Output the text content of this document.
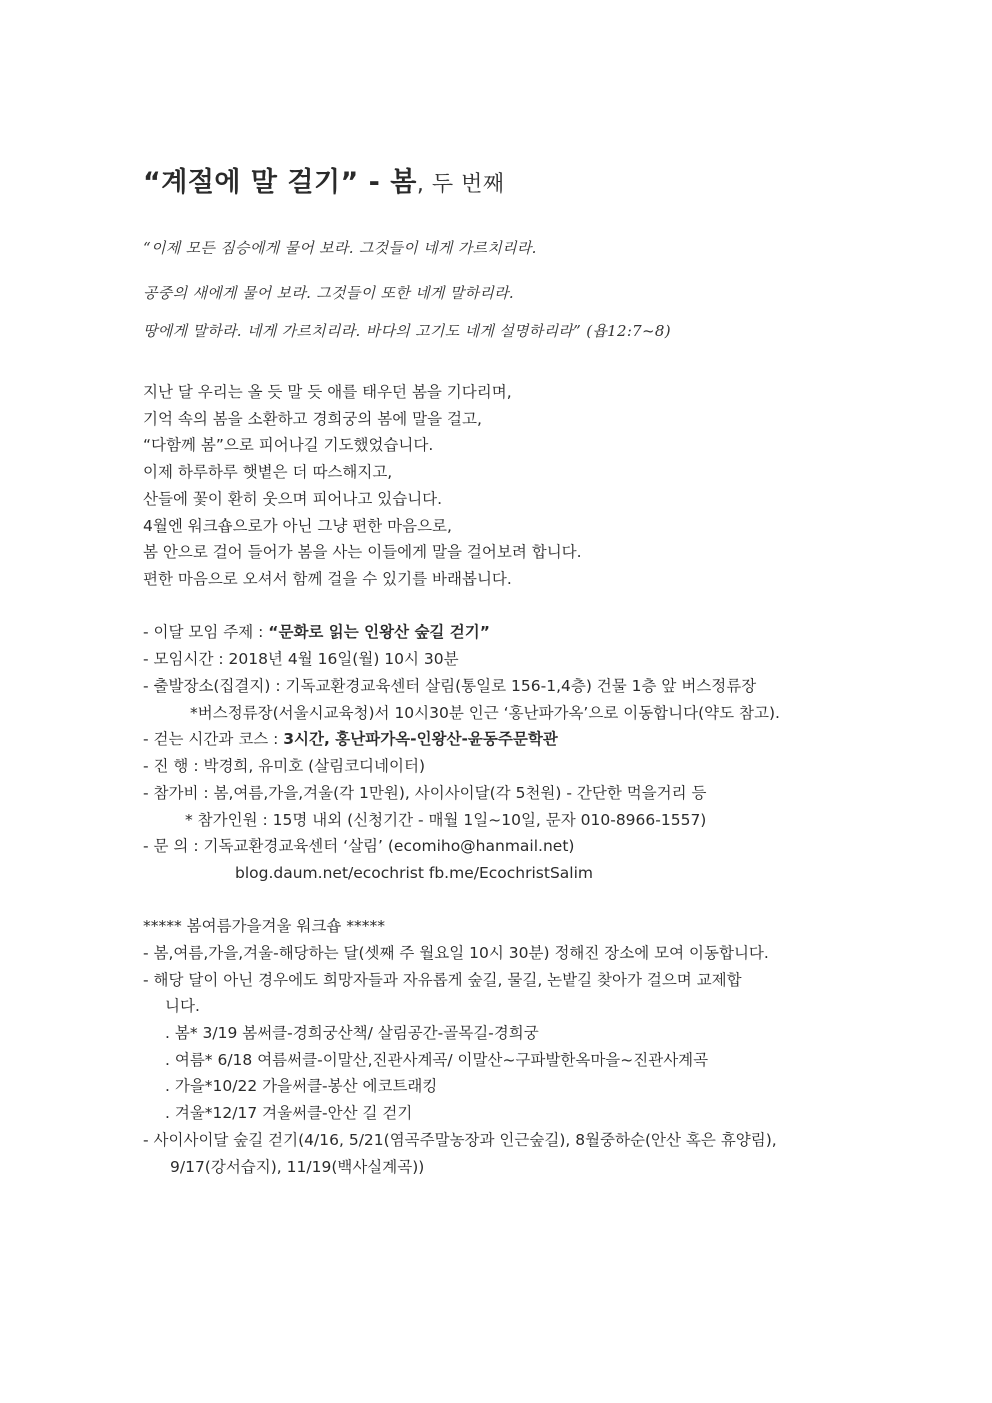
“계절에 말 걸기” - 봄, 두 번째
“이제 모든 짐승에게 물어 보라. 그것들이 네게 가르치리라.
공중의 새에게 물어 보라. 그것들이 또한 네게 말하리라.
땅에게 말하라. 네게 가르치리라. 바다의 고기도 네게 설명하리라” (욥12:7~8)
지난 달 우리는 올 듯 말 듯 애를 태우던 봄을 기다리며,
기억 속의 봄을 소환하고 경희궁의 봄에 말을 걸고,
“다함께 봄”으로 피어나길 기도했었습니다.
이제 하루하루 햇볕은 더 따스해지고,
산들에 꽃이 환히 웃으며 피어나고 있습니다.
4월엔 워크숍으로가 아닌 그냥 편한 마음으로,
봄 안으로 걸어 들어가 봄을 사는 이들에게 말을 걸어보려 합니다.
편한 마음으로 오셔서 함께 걸을 수 있기를 바래봅니다.
- 이달 모임 주제 : “문화로 읽는 인왕산 숲길 걷기”
- 모임시간 : 2018년 4월 16일(월) 10시 30분
- 출발장소(집결지) : 기독교환경교육센터 살림(통일로 156-1,4층) 건물 1층 앞 버스정류장
*버스정류장(서울시교육청)서 10시30분 인근 ‘홍난파가옥’으로 이동합니다(약도 참고).
- 걷는 시간과 코스 : 3시간, 홍난파가옥-인왕산-윤동주문학관
- 진 행 : 박경희, 유미호 (살림코디네이터)
- 참가비 : 봄,여름,가을,겨울(각 1만원), 사이사이달(각 5천원) - 간단한 먹을거리 등
* 참가인원 : 15명 내외 (신청기간 - 매월 1일~10일, 문자 010-8966-1557)
- 문 의 : 기독교환경교육센터 ‘살림’ (ecomiho@hanmail.net)
blog.daum.net/ecochrist fb.me/EcochristSalim
***** 봄여름가을겨울 워크숍 *****
- 봄,여름,가을,겨울-해당하는 달(셋째 주 월요일 10시 30분) 정해진 장소에 모여 이동합니다.
- 해당 달이 아닌 경우에도 희망자들과 자유롭게 숲길, 물길, 논밭길 찾아가 걸으며 교제합
니다.
. 봄* 3/19 봄써클-경희궁산책/ 살림공간-골목길-경희궁
. 여름* 6/18 여름써클-이말산,진관사계곡/ 이말산~구파발한옥마을~진관사계곡
. 가을*10/22 가을써클-봉산 에코트래킹
. 겨울*12/17 겨울써클-안산 길 걷기
- 사이사이달 숲길 걷기(4/16, 5/21(염곡주말농장과 인근숲길), 8월중하순(안산 혹은 휴양림),
9/17(강서습지), 11/19(백사실계곡))
